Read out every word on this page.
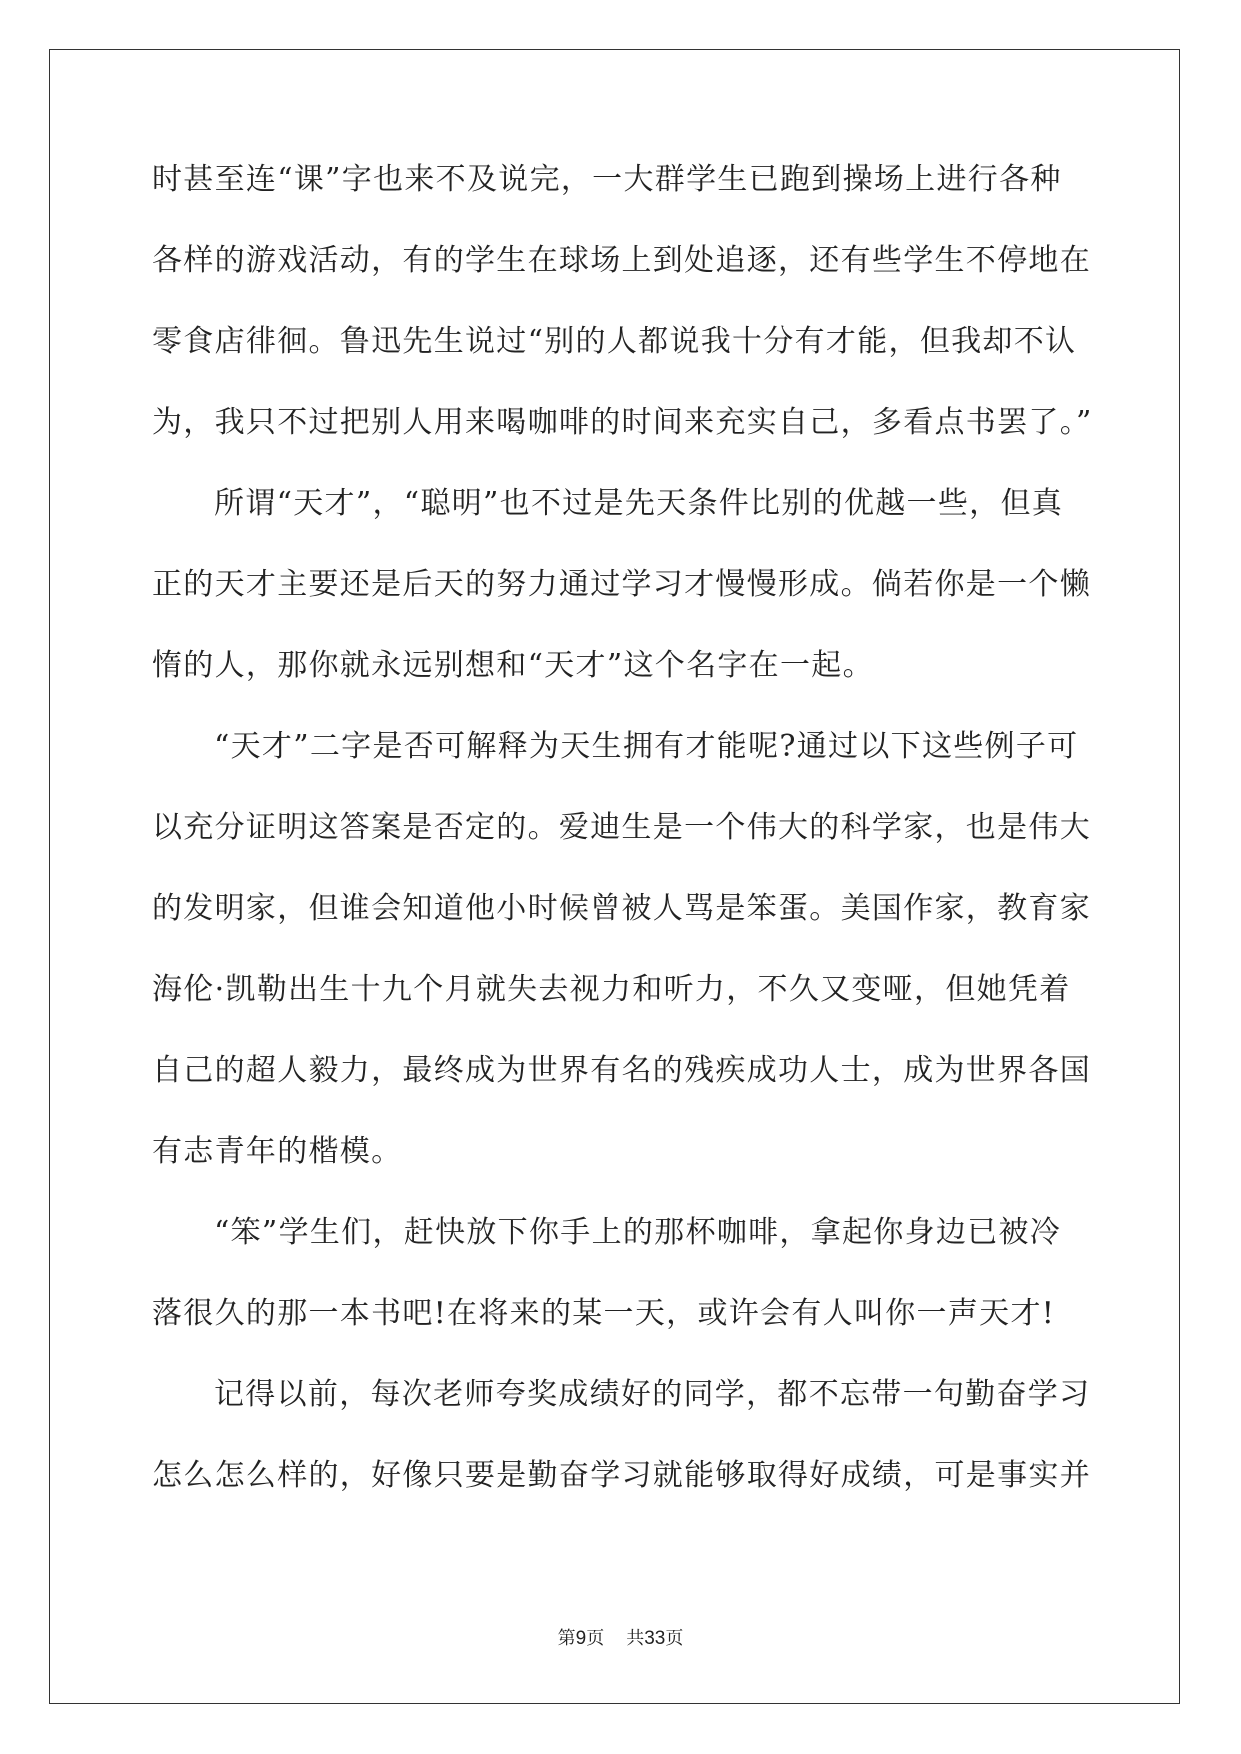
时甚至连“课”字也来不及说完，一大群学生已跑到操场上进行各种
各样的游戏活动，有的学生在球场上到处追逐，还有些学生不停地在
零食店徘徊。鲁迅先生说过“别的人都说我十分有才能，但我却不认
为，我只不过把别人用来喝咖啡的时间来充实自己，多看点书罢了。”
所谓“天才”，“聪明”也不过是先天条件比别的优越一些，但真
正的天才主要还是后天的努力通过学习才慢慢形成。倘若你是一个懒
惰的人，那你就永远别想和“天才”这个名字在一起。
“天才”二字是否可解释为天生拥有才能呢?通过以下这些例子可
以充分证明这答案是否定的。爱迪生是一个伟大的科学家，也是伟大
的发明家，但谁会知道他小时候曾被人骂是笨蛋。美国作家，教育家
海伦·凯勒出生十九个月就失去视力和听力，不久又变哑，但她凭着
自己的超人毅力，最终成为世界有名的残疾成功人士，成为世界各国
有志青年的楷模。
“笨”学生们，赶快放下你手上的那杯咖啡，拿起你身边已被冷
落很久的那一本书吧!在将来的某一天，或许会有人叫你一声天才!
记得以前，每次老师夸奖成绩好的同学，都不忘带一句勤奋学习
怎么怎么样的，好像只要是勤奋学习就能够取得好成绩，可是事实并
第9页 共33页
